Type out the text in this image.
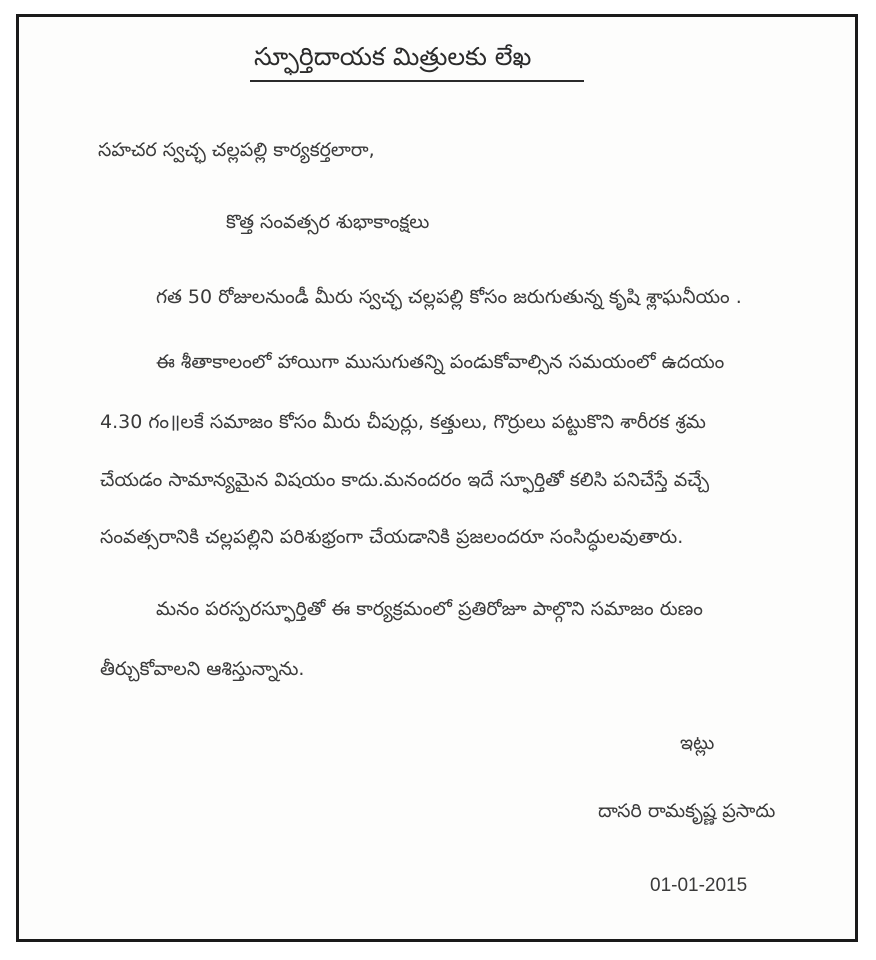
స్ఫూర్తిదాయక మిత్రులకు లేఖ
సహచర స్వచ్ఛ చల్లపల్లి కార్యకర్తలారా,
కొత్త సంవత్సర శుభాకాంక్షలు
గత 50 రోజులనుండీ మీరు స్వచ్ఛ చల్లపల్లి కోసం జరుగుతున్న కృషి శ్లాఘనీయం .
ఈ శీతాకాలంలో హాయిగా ముసుగుతన్ని పండుకోవాల్సిన సమయంలో ఉదయం
4.30 గం॥లకే సమాజం కోసం మీరు చీపుర్లు, కత్తులు, గొర్రులు పట్టుకొని శారీరక శ్రమ
చేయడం సామాన్యమైన విషయం కాదు.మనందరం ఇదే స్ఫూర్తితో కలిసి పనిచేస్తే వచ్చే
సంవత్సరానికి చల్లపల్లిని పరిశుభ్రంగా చేయడానికి ప్రజలందరూ సంసిద్ధులవుతారు.
మనం పరస్పరస్ఫూర్తితో ఈ కార్యక్రమంలో ప్రతిరోజూ పాల్గొని సమాజం రుణం
తీర్చుకోవాలని ఆశిస్తున్నాను.
ఇట్లు
దాసరి రామకృష్ణ ప్రసాదు
01-01-2015
